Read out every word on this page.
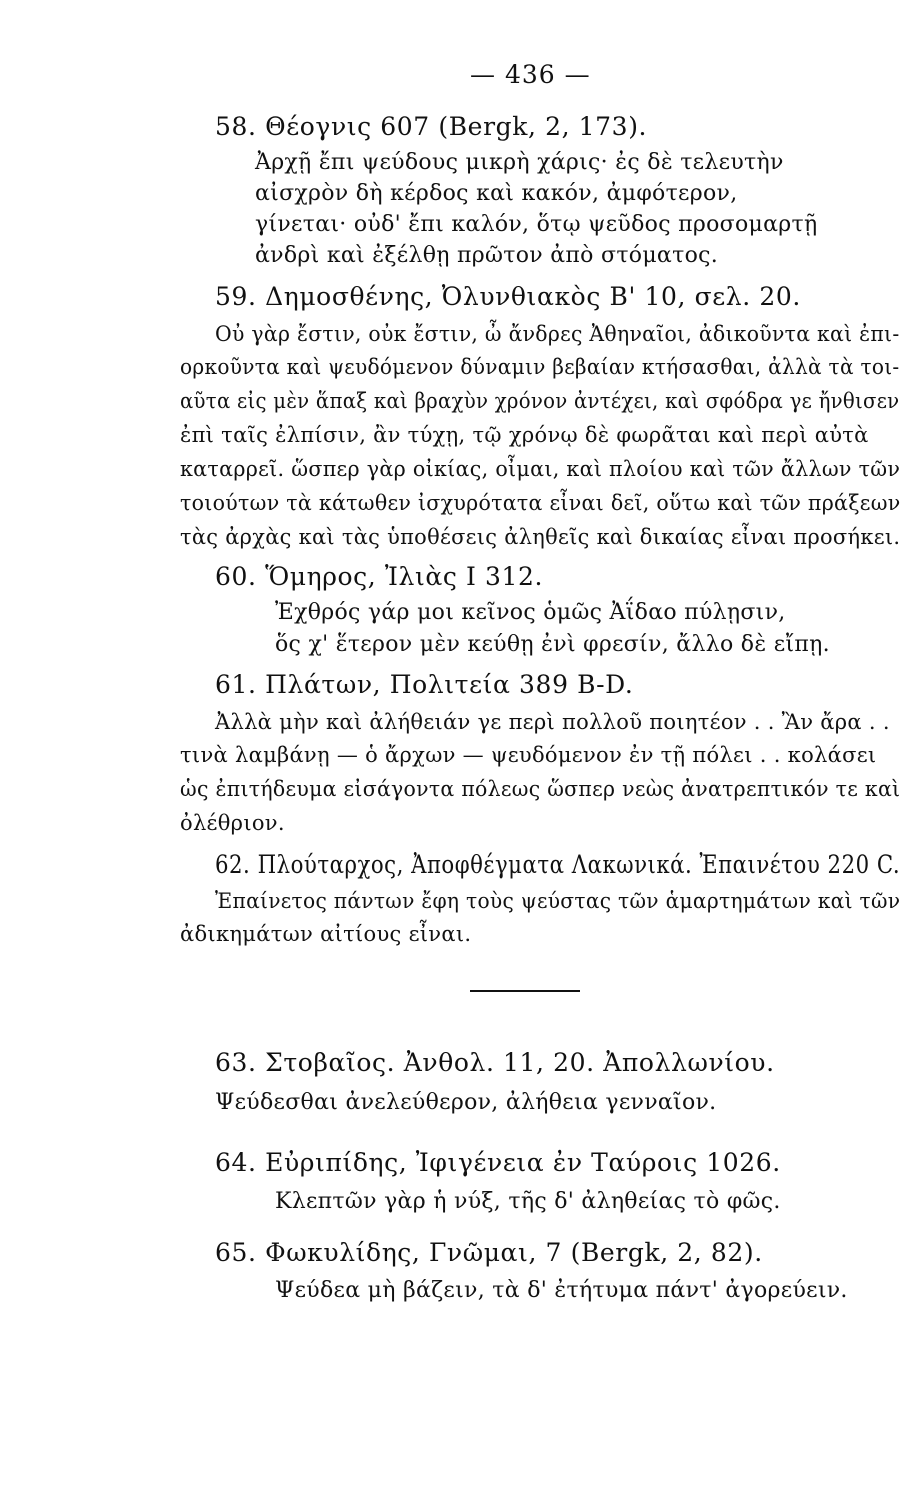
— 436 —
58. Θέογνις 607 (Bergk, 2, 173).
Ἀρχῇ ἔπι ψεύδους μικρὴ χάρις· ἐς δὲ τελευτὴν
αἰσχρὸν δὴ κέρδος καὶ κακόν, ἀμφότερον,
γίνεται· οὐδ' ἔπι καλόν, ὅτῳ ψεῦδος προσομαρτῇ
ἀνδρὶ καὶ ἐξέλθῃ πρῶτον ἀπὸ στόματος.
59. Δημοσθένης, Ὀλυνθιακὸς Β' 10, σελ. 20.
Οὐ γὰρ ἔστιν, οὐκ ἔστιν, ὦ ἄνδρες Ἀθηναῖοι, ἀδικοῦντα καὶ ἐπι-
ορκοῦντα καὶ ψευδόμενον δύναμιν βεβαίαν κτήσασθαι, ἀλλὰ τὰ τοι-
αῦτα εἰς μὲν ἅπαξ καὶ βραχὺν χρόνον ἀντέχει, καὶ σφόδρα γε ἤνθισεν
ἐπὶ ταῖς ἐλπίσιν, ἂν τύχῃ, τῷ χρόνῳ δὲ φωρᾶται καὶ περὶ αὐτὰ
καταρρεῖ. ὥσπερ γὰρ οἰκίας, οἶμαι, καὶ πλοίου καὶ τῶν ἄλλων τῶν
τοιούτων τὰ κάτωθεν ἰσχυρότατα εἶναι δεῖ, οὕτω καὶ τῶν πράξεων
τὰς ἀρχὰς καὶ τὰς ὑποθέσεις ἀληθεῖς καὶ δικαίας εἶναι προσήκει.
60. Ὅμηρος, Ἰλιὰς Ι 312.
Ἐχθρός γάρ μοι κεῖνος ὁμῶς Ἀΐδαο πύλῃσιν,
ὅς χ' ἕτερον μὲν κεύθῃ ἐνὶ φρεσίν, ἄλλο δὲ εἴπῃ.
61. Πλάτων, Πολιτεία 389 Β-D.
Ἀλλὰ μὴν καὶ ἀλήθειάν γε περὶ πολλοῦ ποιητέον . . Ἂν ἄρα . .
τινὰ λαμβάνῃ — ὁ ἄρχων — ψευδόμενον ἐν τῇ πόλει . . κολάσει
ὡς ἐπιτήδευμα εἰσάγοντα πόλεως ὥσπερ νεὼς ἀνατρεπτικόν τε καὶ
ὀλέθριον.
62. Πλούταρχος, Ἀποφθέγματα Λακωνικά. Ἐπαινέτου 220 C.
Ἐπαίνετος πάντων ἔφη τοὺς ψεύστας τῶν ἁμαρτημάτων καὶ τῶν
ἀδικημάτων αἰτίους εἶναι.
63. Στοβαῖος. Ἀνθολ. 11, 20. Ἀπολλωνίου.
Ψεύδεσθαι ἀνελεύθερον, ἀλήθεια γενναῖον.
64. Εὐριπίδης, Ἰφιγένεια ἐν Ταύροις 1026.
Κλεπτῶν γὰρ ἡ νύξ, τῆς δ' ἀληθείας τὸ φῶς.
65. Φωκυλίδης, Γνῶμαι, 7 (Bergk, 2, 82).
Ψεύδεα μὴ βάζειν, τὰ δ' ἐτήτυμα πάντ' ἀγορεύειν.
